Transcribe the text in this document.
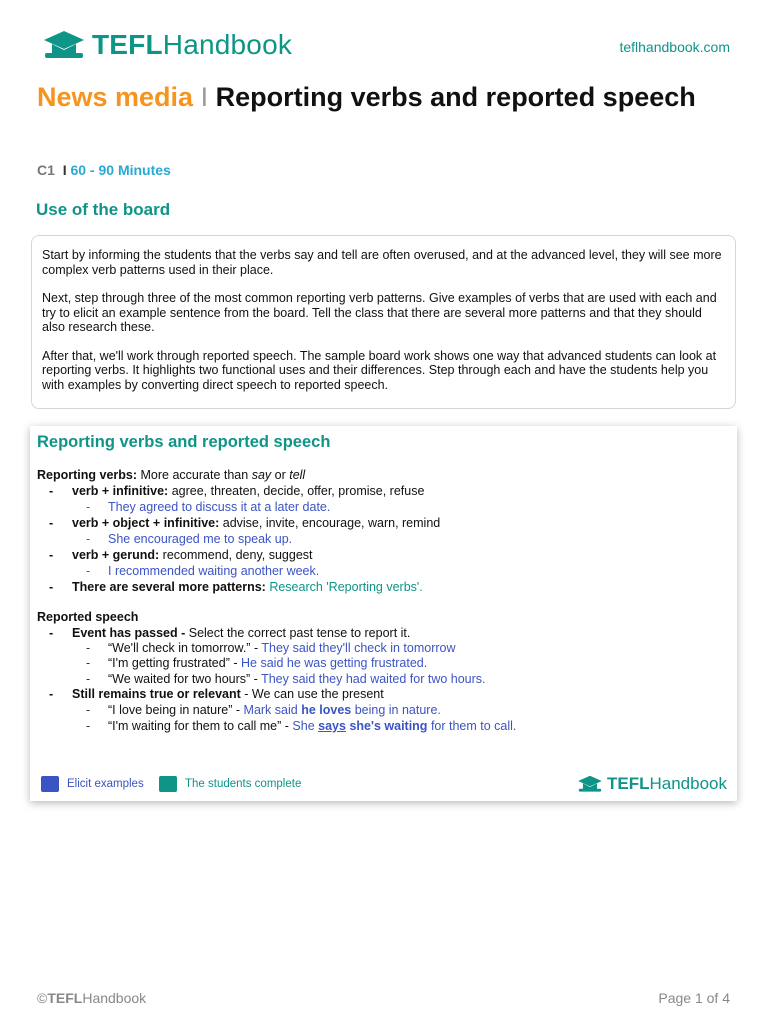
TEFLHandbook	teflhandbook.com
News media I Reporting verbs and reported speech
C1 I 60 - 90 Minutes
Use of the board

Start by informing the students that the verbs say and tell are often overused, and at the advanced level, they will see more complex verb patterns used in their place.

Next, step through three of the most common reporting verb patterns. Give examples of verbs that are used with each and try to elicit an example sentence from the board. Tell the class that there are several more patterns and that they should also research these.

After that, we'll work through reported speech. The sample board work shows one way that advanced students can look at reporting verbs. It highlights two functional uses and their differences. Step through each and have the students help you with examples by converting direct speech to reported speech.

Reporting verbs and reported speech
Reporting verbs: More accurate than say or tell
- verb + infinitive: agree, threaten, decide, offer, promise, refuse
- They agreed to discuss it at a later date.
- verb + object + infinitive: advise, invite, encourage, warn, remind
- She encouraged me to speak up.
- verb + gerund: recommend, deny, suggest
- I recommended waiting another week.
- There are several more patterns: Research 'Reporting verbs'.
Reported speech
- Event has passed - Select the correct past tense to report it.
- “We'll check in tomorrow.” - They said they'll check in tomorrow
- “I'm getting frustrated” - He said he was getting frustrated.
- “We waited for two hours” - They said they had waited for two hours.
- Still remains true or relevant - We can use the present
- “I love being in nature” - Mark said he loves being in nature.
- “I'm waiting for them to call me” - She says she's waiting for them to call.
Elicit examples	The students complete	TEFLHandbook
©TEFLHandbook	Page 1 of 4
